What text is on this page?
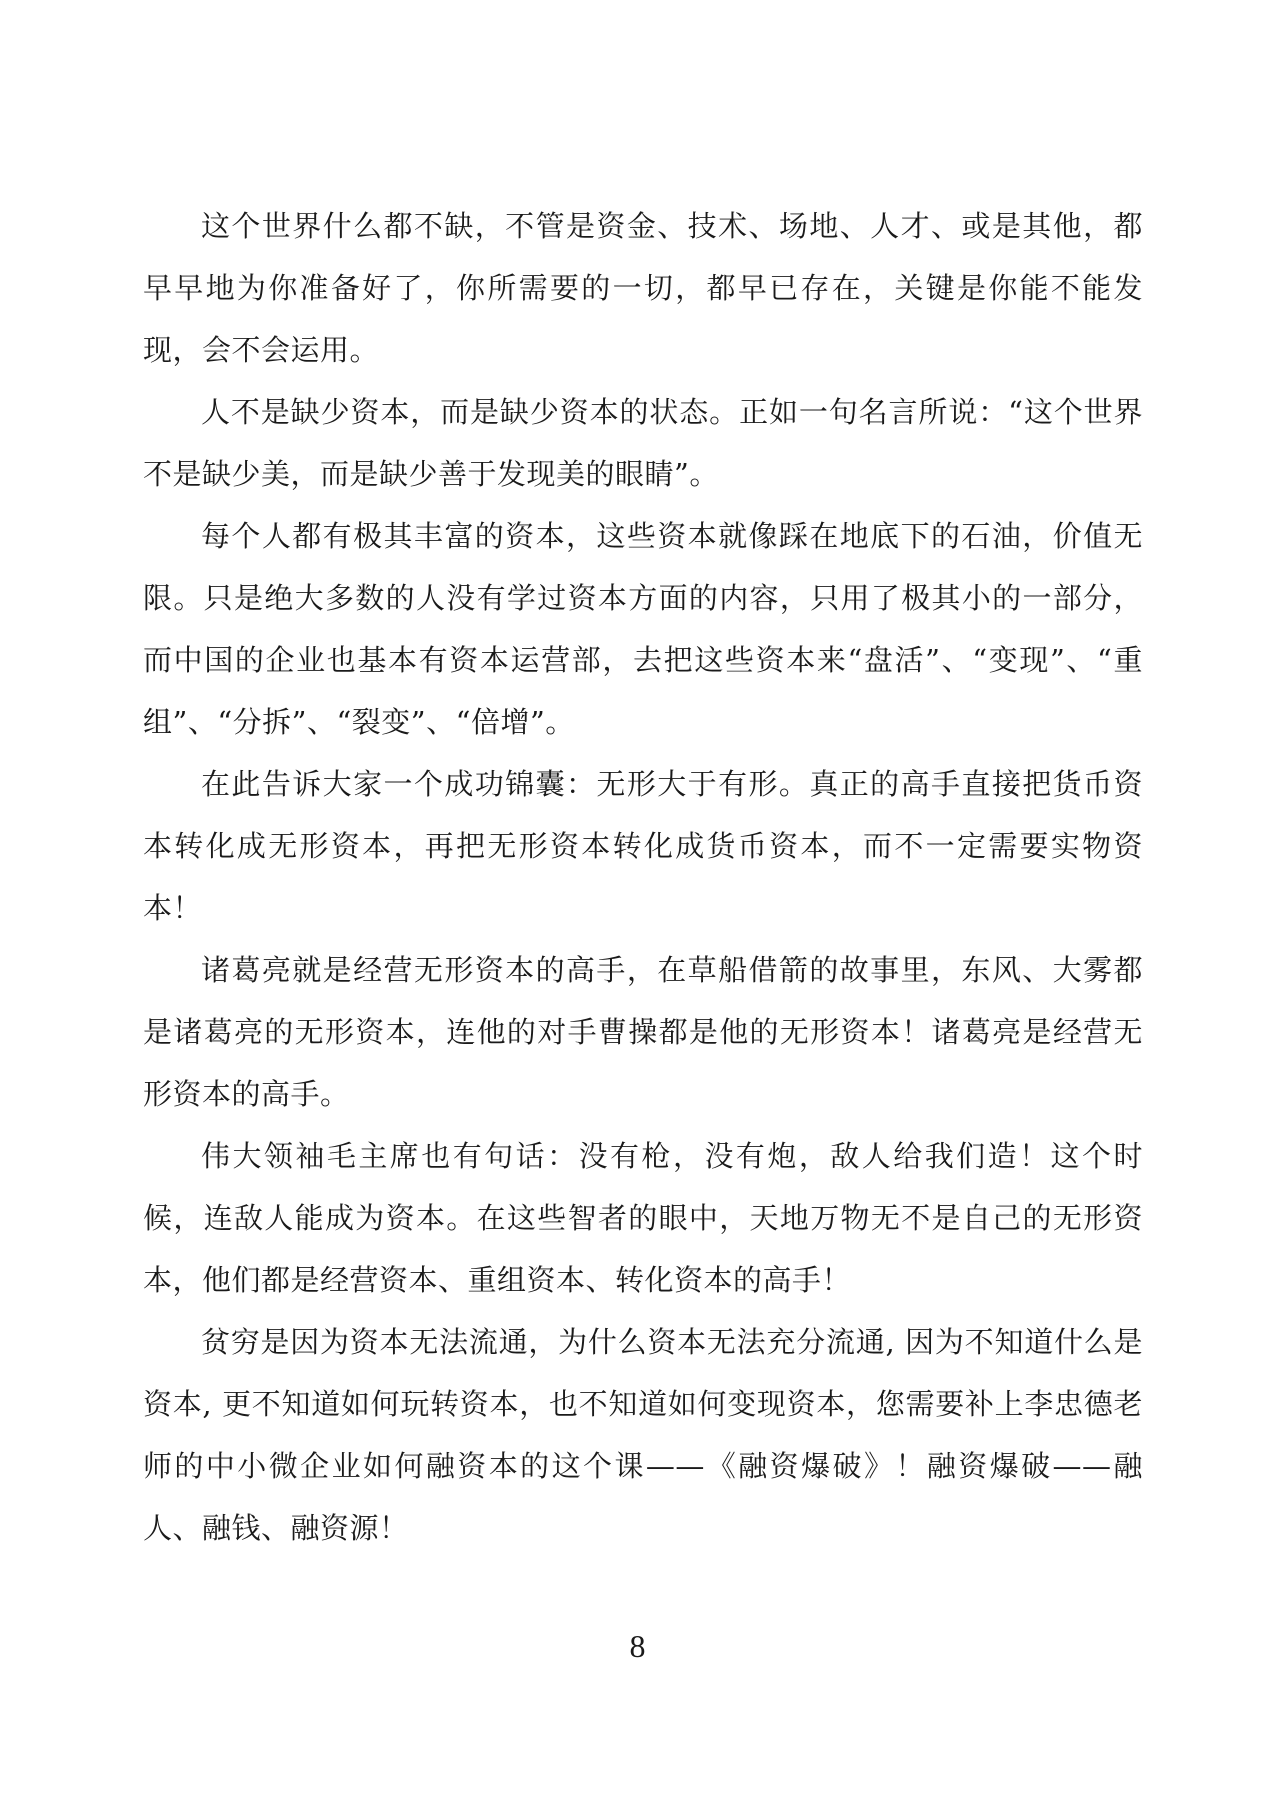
这个世界什么都不缺，不管是资金、技术、场地、人才、或是其他，都早早地为你准备好了，你所需要的一切，都早已存在，关键是你能不能发现，会不会运用。

人不是缺少资本，而是缺少资本的状态。正如一句名言所说：“这个世界不是缺少美，而是缺少善于发现美的眼睛”。

每个人都有极其丰富的资本，这些资本就像踩在地底下的石油，价值无限。只是绝大多数的人没有学过资本方面的内容，只用了极其小的一部分，而中国的企业也基本有资本运营部，去把这些资本来“盘活”、“变现”、“重组”、“分拆”、“裂变”、“倍增”。

在此告诉大家一个成功锦囊：无形大于有形。真正的高手直接把货币资本转化成无形资本，再把无形资本转化成货币资本，而不一定需要实物资本！

诸葛亮就是经营无形资本的高手，在草船借箭的故事里，东风、大雾都是诸葛亮的无形资本，连他的对手曹操都是他的无形资本！诸葛亮是经营无形资本的高手。

伟大领袖毛主席也有句话：没有枪，没有炮，敌人给我们造！这个时候，连敌人能成为资本。在这些智者的眼中，天地万物无不是自己的无形资本，他们都是经营资本、重组资本、转化资本的高手！

贫穷是因为资本无法流通，为什么资本无法充分流通, 因为不知道什么是资本, 更不知道如何玩转资本，也不知道如何变现资本，您需要补上李忠德老师的中小微企业如何融资本的这个课——《融资爆破》！融资爆破——融人、融钱、融资源！

8
